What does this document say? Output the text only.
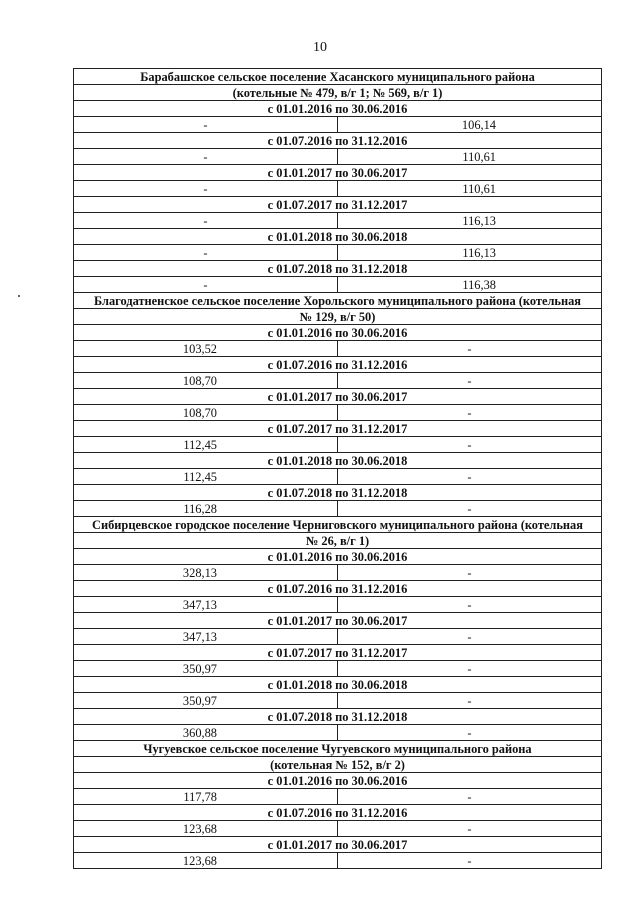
10
Барабашское сельское поселение Хасанского муниципального района	
(котельные № 479, в/г 1; № 569, в/г 1)	
с 01.01.2016 по 30.06.2016	
-	106,14
с 01.07.2016 по 31.12.2016	
-	110,61
с 01.01.2017 по 30.06.2017	
-	110,61
с 01.07.2017 по 31.12.2017	
-	116,13
с 01.01.2018 по 30.06.2018	
-	116,13
с 01.07.2018 по 31.12.2018	
-	116,38
Благодатненское сельское поселение Хорольского муниципального района (котельная	
№ 129, в/г 50)	
с 01.01.2016 по 30.06.2016	
103,52	-
с 01.07.2016 по 31.12.2016	
108,70	-
с 01.01.2017 по 30.06.2017	
108,70	-
с 01.07.2017 по 31.12.2017	
112,45	-
с 01.01.2018 по 30.06.2018	
112,45	-
с 01.07.2018 по 31.12.2018	
116,28	-
Сибирцевское городское поселение Черниговского муниципального района (котельная	
№ 26, в/г 1)	
с 01.01.2016 по 30.06.2016	
328,13	-
с 01.07.2016 по 31.12.2016	
347,13	-
с 01.01.2017 по 30.06.2017	
347,13	-
с 01.07.2017 по 31.12.2017	
350,97	-
с 01.01.2018 по 30.06.2018	
350,97	-
с 01.07.2018 по 31.12.2018	
360,88	-
Чугуевское сельское поселение Чугуевского муниципального района	
(котельная № 152, в/г 2)	
с 01.01.2016 по 30.06.2016	
117,78	-
с 01.07.2016 по 31.12.2016	
123,68	-
с 01.01.2017 по 30.06.2017	
123,68	-
